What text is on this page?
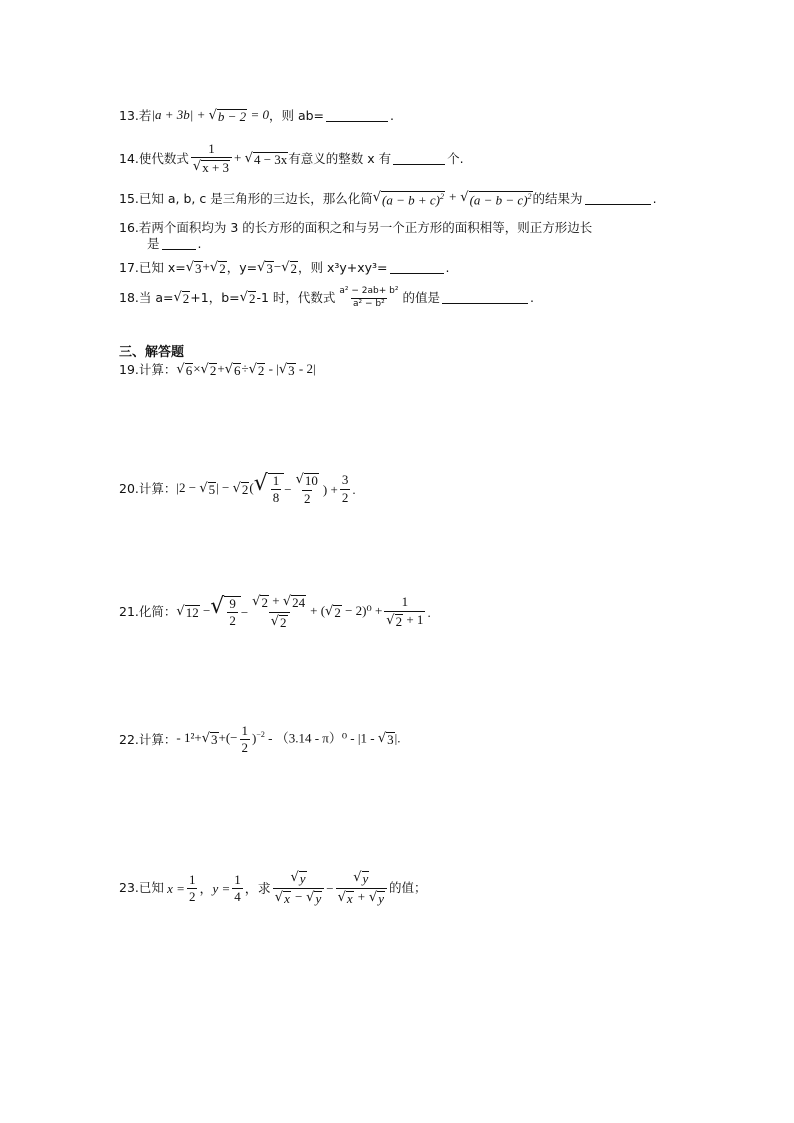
13. 若 |a + 3b| + √ b − 2 = 0 ，则 ab=	.
14. 使代数式 $\frac{1}{√ x + 3}$ + √ 4 − 3x 有意义的整数 x 有	个.
15. 已知 a, b, c 是三角形的三边长，那么化简 √ $(a - b + c)^2$ + √ $(a - b - c)^2$ 的结果为	.
16. 若两个面积均为 3 的长方形的面积之和与另一个正方形的面积相等，则正方形边长
是	.
17. 已知 x= √ 3 + √ 2 ，y= √ 3 − √ 2 ，则 x³y+xy³=	.
18. 当 a= √ 2 +1，b= √ 2 -1 时，代数式 $\frac{\text{a² − 2ab+ b²}}{\text{a² − b²}}$ 的值是	.
三、解答题
19. 计算： √ 6 × √ 2 + √ 6 ÷ √ 2 - | √ 3 - 2|
20. 计算： |2 − √ 5 | − √ 2 ( √ $\frac{1}{8} - \frac{√ 10}{2}$ ) + $\frac{3}{2}$ .
21. 化简： √ 12 − √ $\frac{9}{2} - \frac{√ 2 + √ 24}{√ 2}$ + ( √ $2 - 2)^0 + \frac{1}{√ 2 + 1}$ .
22. 计算： - 1²+ √ 3 +(− $\frac{1}{2} )^{-2} - (3.14 - \pi)^0 - |1$ - √ 3 |.
23. 已知 $x = \frac{1}{2}$ ， $y = \frac{1}{4}$ ，求 $\frac{√ y}{√ x - √ y} - \frac{√ y}{√ x + √ y}$ 的值；
